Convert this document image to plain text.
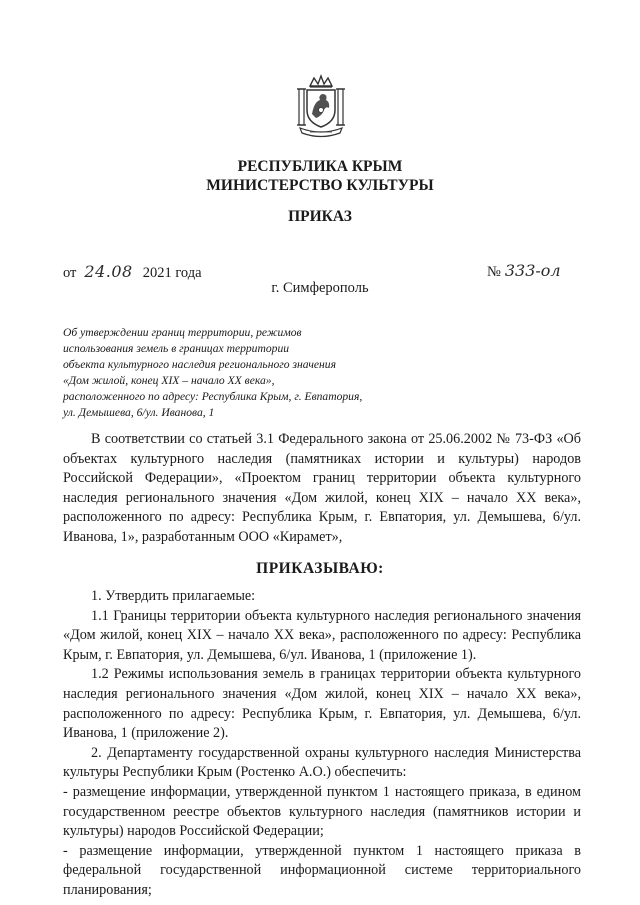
РЕСПУБЛИКА КРЫМ
МИНИСТЕРСТВО КУЛЬТУРЫ
ПРИКАЗ
от 24.08 2021 года	№ 333-ол
г. Симферополь
Об утверждении границ территории, режимов
использования земель в границах территории
объекта культурного наследия регионального значения
«Дом жилой, конец XIX – начало XX века»,
расположенного по адресу: Республика Крым, г. Евпатория,
ул. Демышева, 6/ул. Иванова, 1
В соответствии со статьей 3.1 Федерального закона от 25.06.2002 № 73-ФЗ «Об объектах культурного наследия (памятниках истории и культуры) народов Российской Федерации», «Проектом границ территории объекта культурного наследия регионального значения «Дом жилой, конец XIX – начало XX века», расположенного по адресу: Республика Крым, г. Евпатория, ул. Демышева, 6/ул. Иванова, 1», разработанным ООО «Кирамет»,
ПРИКАЗЫВАЮ:

1. Утвердить прилагаемые:

1.1 Границы территории объекта культурного наследия регионального значения «Дом жилой, конец XIX – начало XX века», расположенного по адресу: Республика Крым, г. Евпатория, ул. Демышева, 6/ул. Иванова, 1 (приложение 1).

1.2 Режимы использования земель в границах территории объекта культурного наследия регионального значения «Дом жилой, конец XIX – начало XX века», расположенного по адресу: Республика Крым, г. Евпатория, ул. Демышева, 6/ул. Иванова, 1 (приложение 2).

2. Департаменту государственной охраны культурного наследия Министерства культуры Республики Крым (Ростенко А.О.) обеспечить:

- размещение информации, утвержденной пунктом 1 настоящего приказа, в едином государственном реестре объектов культурного наследия (памятников истории и культуры) народов Российской Федерации;

- размещение информации, утвержденной пунктом 1 настоящего приказа в федеральной государственной информационной системе территориального планирования;
